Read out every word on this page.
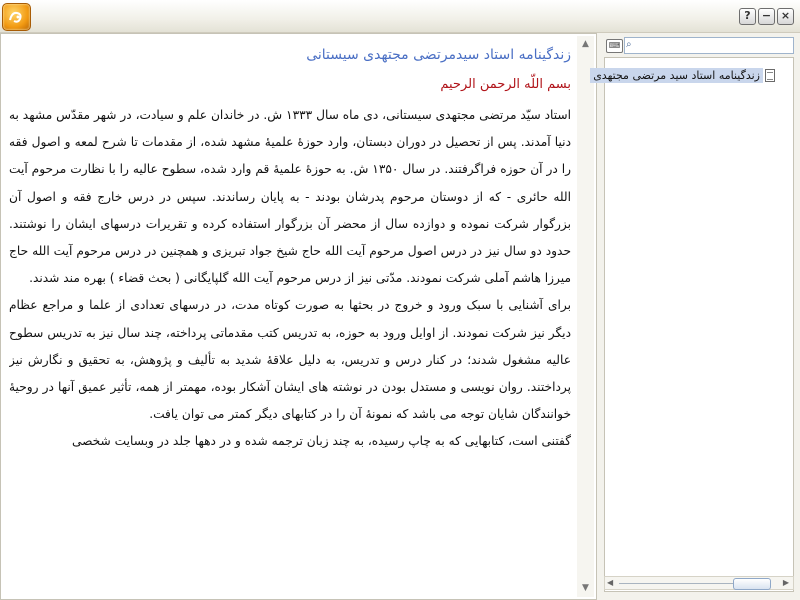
?	− ×
زندگینامه استاد سیدمرتضی مجتهدی سیستانی
بسم اللّه الرحمن الرحيم

استاد سیّد مرتضی مجتهدی سیستانی، دی ماه سال ۱۳۳۳ ش. در خاندان علم و سیادت، در شهر مقدّس مشهد به دنیا آمدند. پس از تحصیل در دوران دبستان، وارد حوزهٔ علمیهٔ مشهد شده، از مقدمات تا شرح لمعه و اصول فقه را در آن حوزه فراگرفتند. در سال ۱۳۵۰ ش. به حوزهٔ علمیهٔ قم وارد شده، سطوح عالیه را با نظارت مرحوم آیت الله حائری - که از دوستان مرحوم پدرشان بودند - به پایان رساندند. سپس در درس خارج فقه و اصول آن بزرگوار شرکت نموده و دوازده سال از محضر آن بزرگوار استفاده کرده و تقریرات درسهای ایشان را نوشتند. حدود دو سال نیز در درس اصول مرحوم آیت الله حاج شیخ جواد تبریزی و همچنین در درس مرحوم آیت الله حاج میرزا هاشم آملی شرکت نمودند. مدّتی نیز از درس مرحوم آیت الله گلپایگانی ( بحث قضاء ) بهره مند شدند.

برای آشنایی با سبک ورود و خروج در بحثها به صورت کوتاه مدت، در درسهای تعدادی از علما و مراجع عظام دیگر نیز شرکت نمودند. از اوایل ورود به حوزه، به تدریس کتب مقدماتی پرداخته، چند سال نیز به تدریس سطوح عالیه مشغول شدند؛ در کنار درس و تدریس، به دلیل علاقهٔ شدید به تألیف و پژوهش، به تحقیق و نگارش نیز پرداختند. روان نویسی و مستدل بودن در نوشته های ایشان آشکار بوده، مهمتر از همه، تأثیر عمیق آنها در روحیهٔ خوانندگان شایان توجه می باشد که نمونهٔ آن را در کتابهای دیگر کمتر می توان یافت.

گفتنی است، کتابهایی که به چاپ رسیده، به چند زبان ترجمه شده و در دهها جلد در وبسایت شخصی

▲
▼
⌨ ⌕
زندگینامه استاد سید مرتضی مجتهدی
◀	▶
